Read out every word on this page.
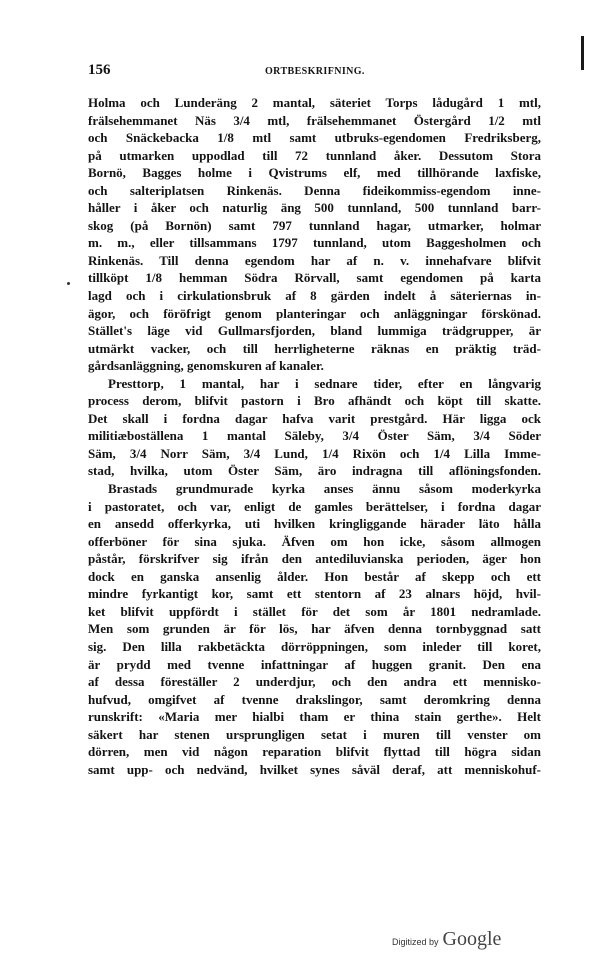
156	ORTBESKRIFNING.
Holma och Lunderäng 2 mantal, säteriet Torps lådugård 1 mtl,
frälsehemmanet Näs 3/4 mtl, frälsehemmanet Östergård 1/2 mtl
och Snäckebacka 1/8 mtl samt utbruks-egendomen Fredriksberg,
på utmarken uppodlad till 72 tunnland åker. Dessutom Stora
Bornö, Bagges holme i Qvistrums elf, med tillhörande laxfiske,
och salteriplatsen Rinkenäs. Denna fideikommiss-egendom inne-
håller i åker och naturlig äng 500 tunnland, 500 tunnland barr-
skog (på Bornön) samt 797 tunnland hagar, utmarker, holmar
m. m., eller tillsammans 1797 tunnland, utom Baggesholmen och
Rinkenäs. Till denna egendom har af n. v. innehafvare blifvit
tillköpt 1/8 hemman Södra Rörvall, samt egendomen på karta
lagd och i cirkulationsbruk af 8 gärden indelt å säteriernas in-
ägor, och föröfrigt genom planteringar och anläggningar förskönad.
Stället's läge vid Gullmarsfjorden, bland lummiga trädgrupper, är
utmärkt vacker, och till herrligheterne räknas en präktig träd-
gårdsanläggning, genomskuren af kanaler.
Presttorp, 1 mantal, har i sednare tider, efter en långvarig
process derom, blifvit pastorn i Bro afhändt och köpt till skatte.
Det skall i fordna dagar hafva varit prestgård. Här ligga ock
militiæboställena 1 mantal Säleby, 3/4 Öster Säm, 3/4 Söder
Säm, 3/4 Norr Säm, 3/4 Lund, 1/4 Rixön och 1/4 Lilla Imme-
stad, hvilka, utom Öster Säm, äro indragna till aflöningsfonden.
Brastads grundmurade kyrka anses ännu såsom moderkyrka
i pastoratet, och var, enligt de gamles berättelser, i fordna dagar
en ansedd offerkyrka, uti hvilken kringliggande härader läto hålla
offerböner för sina sjuka. Äfven om hon icke, såsom allmogen
påstår, förskrifver sig ifrån den antediluvianska perioden, äger hon
dock en ganska ansenlig ålder. Hon består af skepp och ett
mindre fyrkantigt kor, samt ett stentorn af 23 alnars höjd, hvil-
ket blifvit uppfördt i stället för det som år 1801 nedramlade.
Men som grunden är för lös, har äfven denna tornbyggnad satt
sig. Den lilla rakbetäckta dörröppningen, som inleder till koret,
är prydd med tvenne infattningar af huggen granit. Den ena
af dessa föreställer 2 underdjur, och den andra ett mennisko-
hufvud, omgifvet af tvenne drakslingor, samt deromkring denna
runskrift: «Maria mer hialbi tham er thina stain gerthe». Helt
säkert har stenen ursprungligen setat i muren till venster om
dörren, men vid någon reparation blifvit flyttad till högra sidan
samt upp- och nedvänd, hvilket synes såväl deraf, att menniskohuf-
Digitized by Google
